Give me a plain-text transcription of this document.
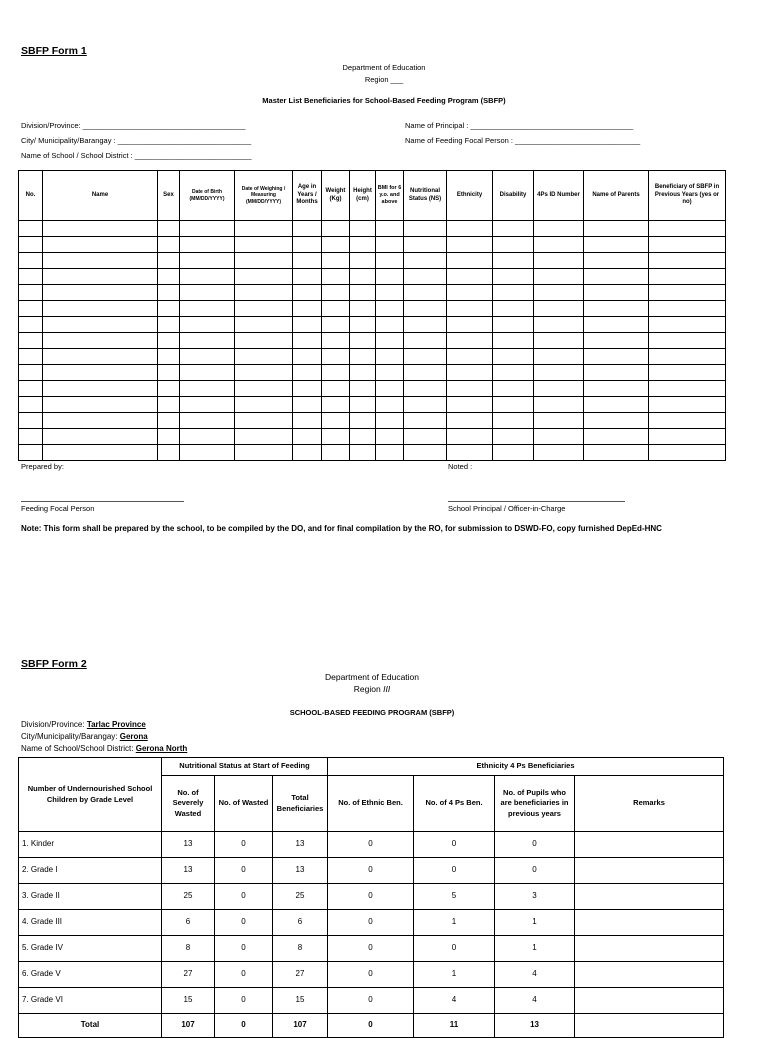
SBFP Form 1
Department of Education
Region ___
Master List Beneficiaries for School-Based Feeding Program (SBFP)
Division/Province: _______________________________________
City/ Municipality/Barangay : ________________________________
Name of School / School District : ____________________________
Name of Principal : _______________________________________
Name of Feeding Focal Person : ______________________________
No.	Name	Sex	Date of Birth (MM/DD/YYYY)	Date of Weighing / Measuring (MM/DD/YYYY)	Age in Years / Months	Weight (Kg)	Height (cm)	BMI for 6 y.o. and above	Nutritional Status (NS)	Ethnicity	Disability	4Ps ID Number	Name of Parents	Beneficiary of SBFP in Previous Years (yes or no)

Prepared by:	Noted :
Feeding Focal Person	School Principal / Officer-in-Charge
Note: This form shall be prepared by the school, to be compiled by the DO, and for final compilation by the RO, for submission to DSWD-FO, copy furnished DepEd-HNC
SBFP Form 2
Department of Education
Region III
SCHOOL-BASED FEEDING PROGRAM (SBFP)
Division/Province: Tarlac Province
City/Municipality/Barangay: Gerona
Name of School/School District: Gerona North
Number of Undernourished School Children by Grade Level	Nutritional Status at Start of Feeding			Ethnicity 4 Ps Beneficiaries			
	No. of Severely Wasted	No. of Wasted	Total Beneficiaries	No. of Ethnic Ben.	No. of 4 Ps Ben.	No. of Pupils who are beneficiaries in previous years	Remarks
1. Kinder	13	0	13	0	0	0	
2. Grade I	13	0	13	0	0	0	
3. Grade II	25	0	25	0	5	3	
4. Grade III	6	0	6	0	1	1	
5. Grade IV	8	0	8	0	0	1	
6. Grade V	27	0	27	0	1	4	
7. Grade VI	15	0	15	0	4	4	
Total	107	0	107	0	11	13	
